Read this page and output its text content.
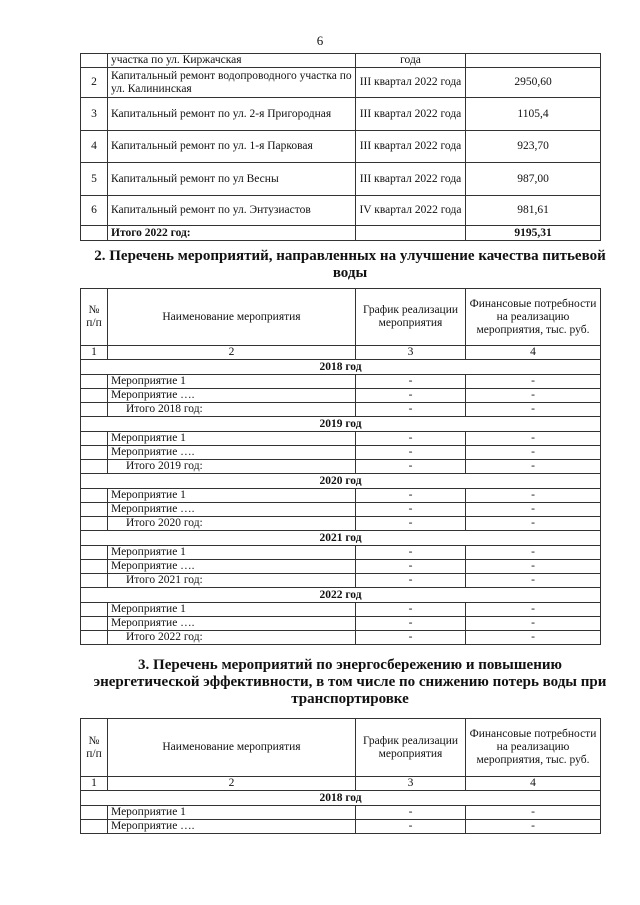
6
	участка по ул. Киржачская	года	
2	Капитальный ремонт водопроводного участка по ул. Калининская	III квартал 2022 года	2950,60
3	Капитальный ремонт по ул. 2-я Пригородная	III квартал 2022 года	1105,4
4	Капитальный ремонт по ул. 1-я Парковая	III квартал 2022 года	923,70
5	Капитальный ремонт по ул Весны	III квартал 2022 года	987,00
6	Капитальный ремонт по ул. Энтузиастов	IV квартал 2022 года	981,61
	Итого 2022 год:		9195,31
2. Перечень мероприятий, направленных на улучшение качества питьевой воды
№ п/п	Наименование мероприятия	График реализации мероприятия	Финансовые потребности на реализацию мероприятия, тыс. руб.
1	2	3	4
2018 год			
	Мероприятие 1	-	-
	Мероприятие ….	-	-
	Итого 2018 год:	-	-
2019 год			
	Мероприятие 1	-	-
	Мероприятие ….	-	-
	Итого 2019 год:	-	-
2020 год			
	Мероприятие 1	-	-
	Мероприятие ….	-	-
	Итого 2020 год:	-	-
2021 год			
	Мероприятие 1	-	-
	Мероприятие ….	-	-
	Итого 2021 год:	-	-
2022 год			
	Мероприятие 1	-	-
	Мероприятие ….	-	-
	Итого 2022 год:	-	-
3. Перечень мероприятий по энергосбережению и повышению энергетической эффективности, в том числе по снижению потерь воды при транспортировке
№ п/п	Наименование мероприятия	График реализации мероприятия	Финансовые потребности на реализацию мероприятия, тыс. руб.
1	2	3	4
2018 год			
	Мероприятие 1	-	-
	Мероприятие ….	-	-
